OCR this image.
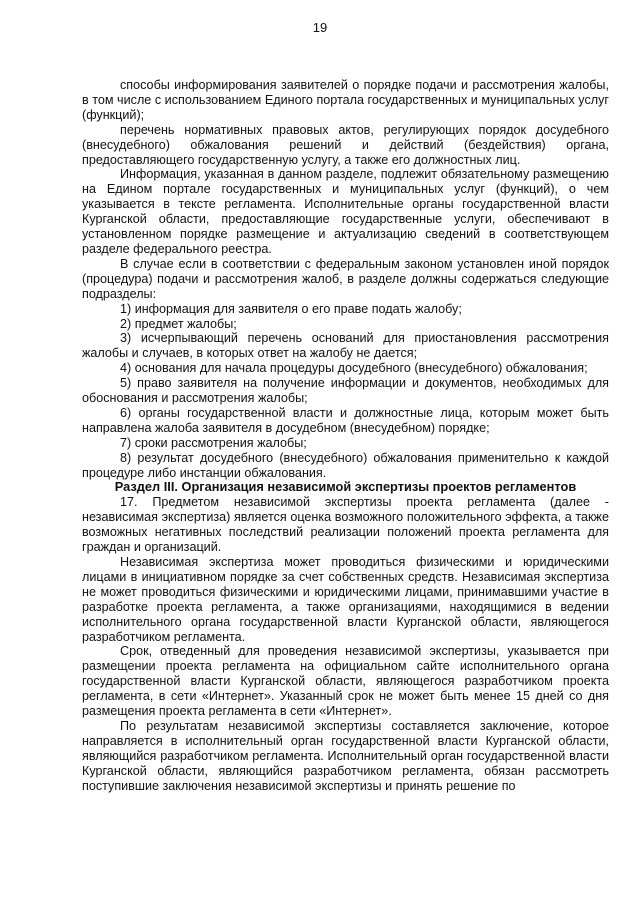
19

способы информирования заявителей о порядке подачи и рассмотрения жалобы, в том числе с использованием Единого портала государственных и муниципальных услуг (функций);

перечень нормативных правовых актов, регулирующих порядок досудебного (внесудебного) обжалования решений и действий (бездействия) органа, предоставляющего государственную услугу, а также его должностных лиц.

Информация, указанная в данном разделе, подлежит обязательному размещению на Едином портале государственных и муниципальных услуг (функций), о чем указывается в тексте регламента. Исполнительные органы государственной власти Курганской области, предоставляющие государственные услуги, обеспечивают в установленном порядке размещение и актуализацию сведений в соответствующем разделе федерального реестра.

В случае если в соответствии с федеральным законом установлен иной порядок (процедура) подачи и рассмотрения жалоб, в разделе должны содержаться следующие подразделы:

1) информация для заявителя о его праве подать жалобу;

2) предмет жалобы;

3) исчерпывающий перечень оснований для приостановления рассмотрения жалобы и случаев, в которых ответ на жалобу не дается;

4) основания для начала процедуры досудебного (внесудебного) обжалования;

5) право заявителя на получение информации и документов, необходимых для обоснования и рассмотрения жалобы;

6) органы государственной власти и должностные лица, которым может быть направлена жалоба заявителя в досудебном (внесудебном) порядке;

7) сроки рассмотрения жалобы;

8) результат досудебного (внесудебного) обжалования применительно к каждой процедуре либо инстанции обжалования.

Раздел III. Организация независимой экспертизы проектов регламентов

17. Предметом независимой экспертизы проекта регламента (далее - независимая экспертиза) является оценка возможного положительного эффекта, а также возможных негативных последствий реализации положений проекта регламента для граждан и организаций.

Независимая экспертиза может проводиться физическими и юридическими лицами в инициативном порядке за счет собственных средств. Независимая экспертиза не может проводиться физическими и юридическими лицами, принимавшими участие в разработке проекта регламента, а также организациями, находящимися в ведении исполнительного органа государственной власти Курганской области, являющегося разработчиком регламента.

Срок, отведенный для проведения независимой экспертизы, указывается при размещении проекта регламента на официальном сайте исполнительного органа государственной власти Курганской области, являющегося разработчиком проекта регламента, в сети «Интернет». Указанный срок не может быть менее 15 дней со дня размещения проекта регламента в сети «Интернет».

По результатам независимой экспертизы составляется заключение, которое направляется в исполнительный орган государственной власти Курганской области, являющийся разработчиком регламента. Исполнительный орган государственной власти Курганской области, являющийся разработчиком регламента, обязан рассмотреть поступившие заключения независимой экспертизы и принять решение по
